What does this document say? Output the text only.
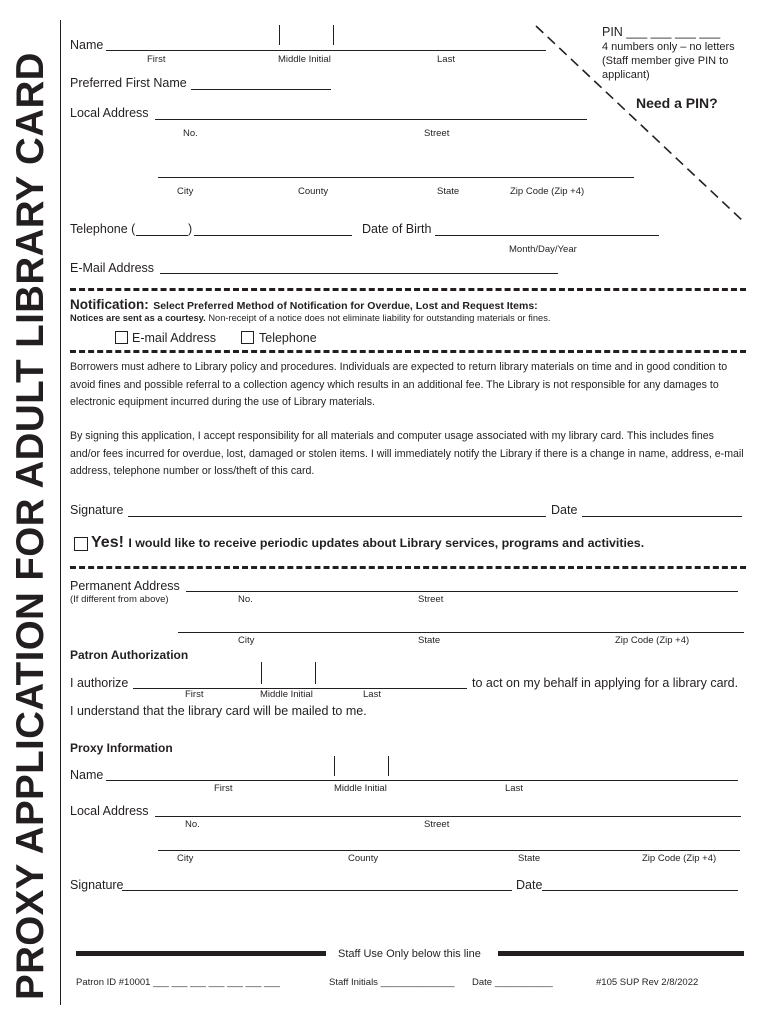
PROXY APPLICATION FOR ADULT LIBRARY CARD
Name
First	Middle Initial	Last
Preferred First Name
Local Address
No.	Street
City	County	State	Zip Code (Zip +4)
Telephone (	)	Date of Birth
Month/Day/Year
E-Mail Address
PIN ___ ___ ___ ___
4 numbers only – no letters
(Staff member give PIN to
applicant)
Need a PIN?
Notification: Select Preferred Method of Notification for Overdue, Lost and Request Items:
Notices are sent as a courtesy. Non-receipt of a notice does not eliminate liability for outstanding materials or fines.
E-mail Address	Telephone
Borrowers must adhere to Library policy and procedures. Individuals are expected to return library materials on time and in good condition to avoid fines and possible referral to a collection agency which results in an additional fee. The Library is not responsible for any damages to electronic equipment incurred during the use of Library materials.
By signing this application, I accept responsibility for all materials and computer usage associated with my library card. This includes fines and/or fees incurred for overdue, lost, damaged or stolen items. I will immediately notify the Library if there is a change in name, address, e-mail address, telephone number or loss/theft of this card.
Signature	Date
Yes! I would like to receive periodic updates about Library services, programs and activities.
Permanent Address
(If different from above)	No.	Street
City	State	Zip Code (Zip +4)
Patron Authorization
I authorize	to act on my behalf in applying for a library card.
First	Middle Initial	Last
I understand that the library card will be mailed to me.
Proxy Information
Name
First	Middle Initial	Last
Local Address
No.	Street
City	County	State	Zip Code (Zip +4)
Signature	Date
Staff Use Only below this line
Patron ID #10001 ___ ___ ___ ___ ___ ___ ___	Staff Initials ______________ Date ___________	#105 SUP Rev 2/8/2022
